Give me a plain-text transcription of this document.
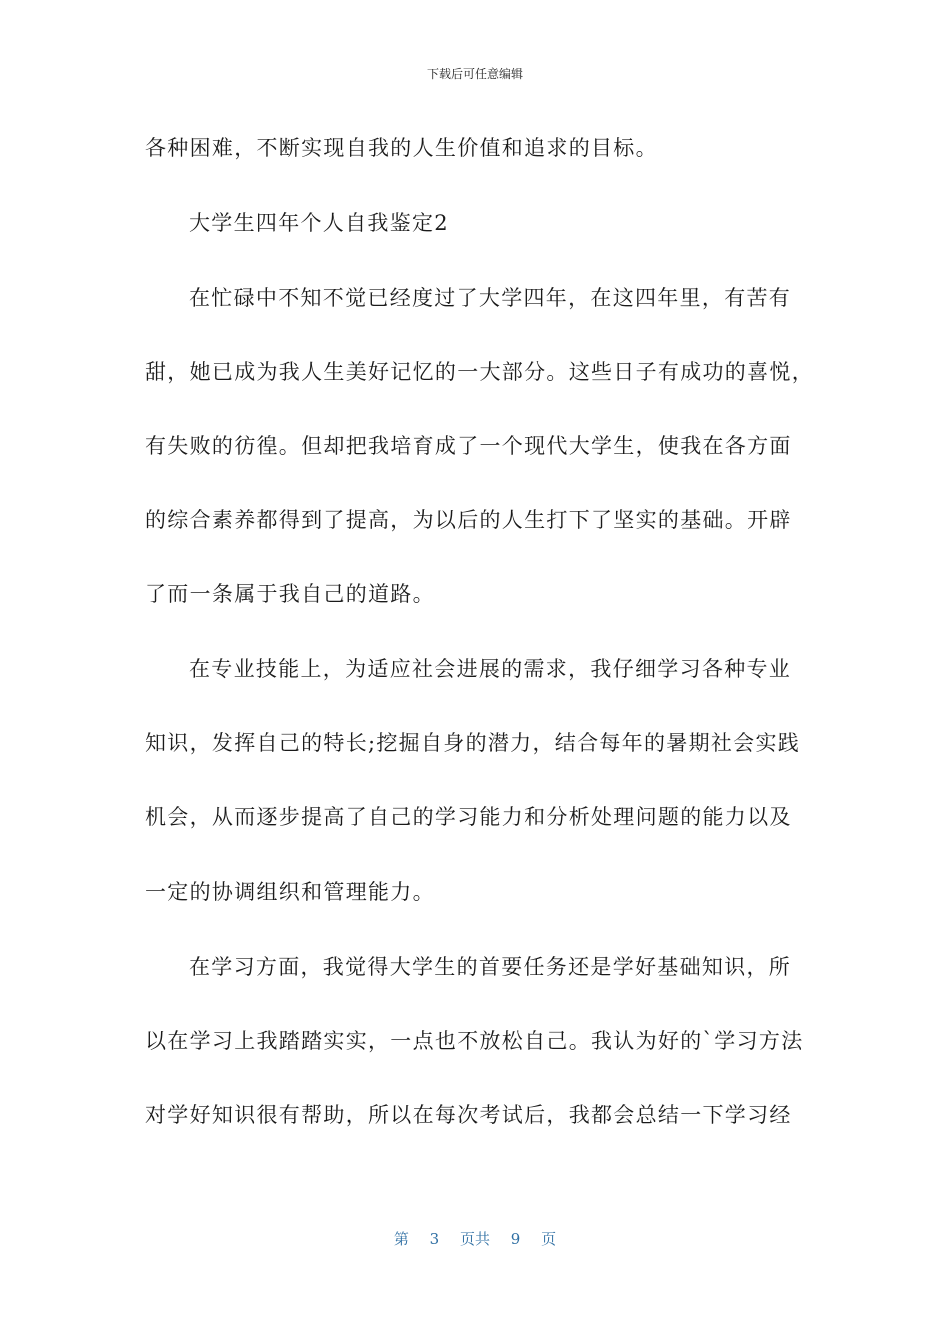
下载后可任意编辑
各种困难，不断实现自我的人生价值和追求的目标。
大学生四年个人自我鉴定2
在忙碌中不知不觉已经度过了大学四年，在这四年里，有苦有
甜，她已成为我人生美好记忆的一大部分。这些日子有成功的喜悦，
有失败的彷徨。但却把我培育成了一个现代大学生，使我在各方面
的综合素养都得到了提高，为以后的人生打下了坚实的基础。开辟
了而一条属于我自己的道路。
在专业技能上，为适应社会进展的需求，我仔细学习各种专业
知识，发挥自己的特长;挖掘自身的潜力，结合每年的暑期社会实践
机会，从而逐步提高了自己的学习能力和分析处理问题的能力以及
一定的协调组织和管理能力。
在学习方面，我觉得大学生的首要任务还是学好基础知识，所
以在学习上我踏踏实实，一点也不放松自己。我认为好的`学习方法
对学好知识很有帮助，所以在每次考试后，我都会总结一下学习经
第 3 页共 9 页
